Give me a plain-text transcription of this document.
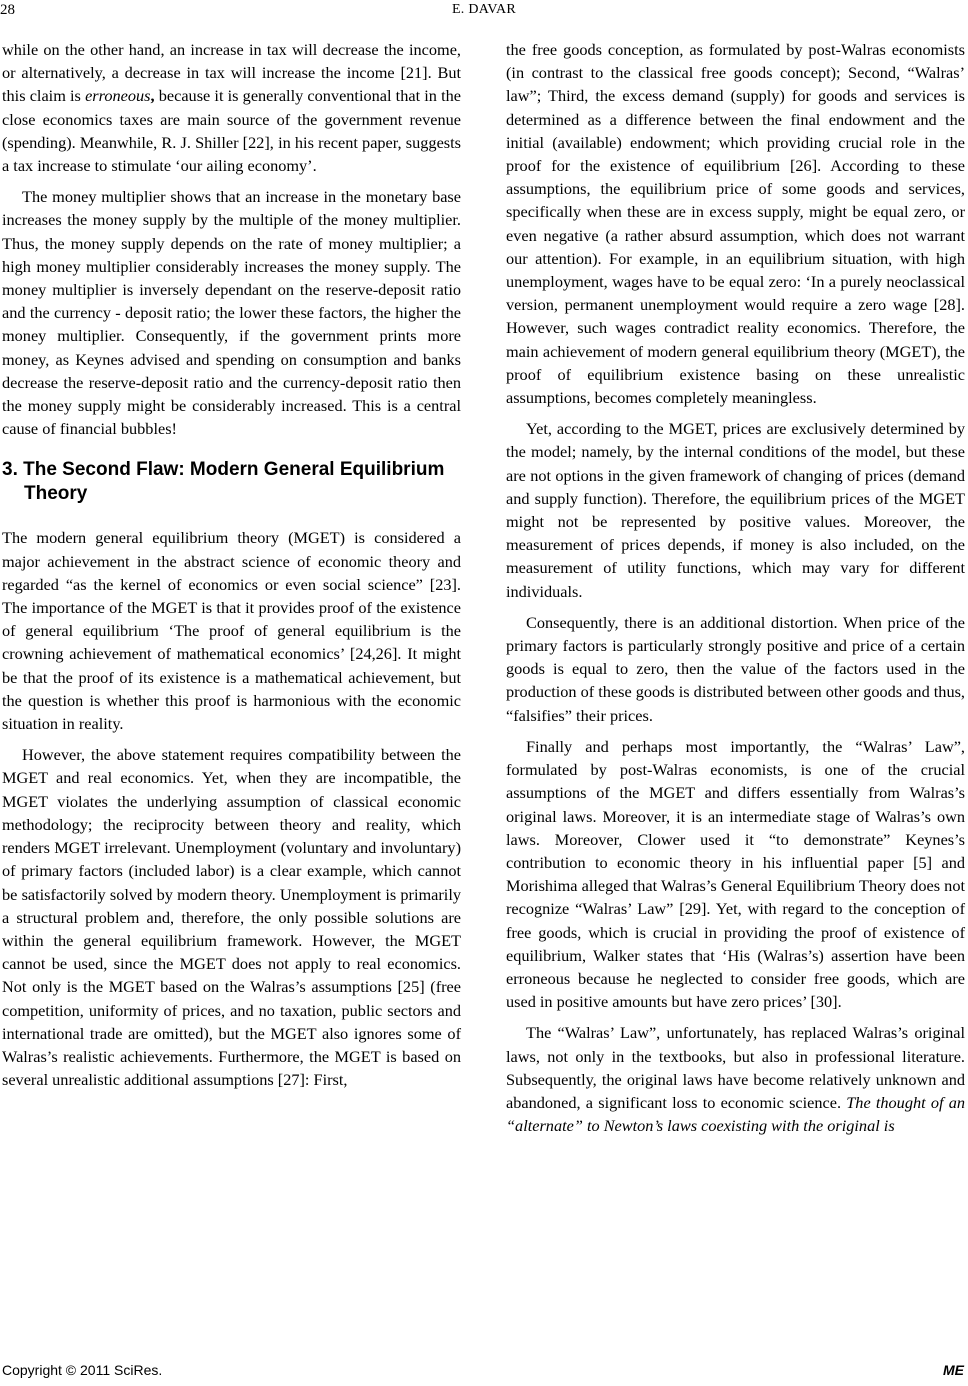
28	E. DAVAR

while on the other hand, an increase in tax will decrease the income, or alternatively, a decrease in tax will increase the income [21]. But this claim is erroneous, because it is generally conventional that in the close economics taxes are main source of the government revenue (spending). Meanwhile, R. J. Shiller [22], in his recent paper, suggests a tax increase to stimulate ‘our ailing economy’.

The money multiplier shows that an increase in the monetary base increases the money supply by the multiple of the money multiplier. Thus, the money supply depends on the rate of money multiplier; a high money multiplier considerably increases the money supply. The money multiplier is inversely dependant on the reserve-deposit ratio and the currency - deposit ratio; the lower these factors, the higher the money multiplier. Consequently, if the government prints more money, as Keynes advised and spending on consumption and banks decrease the reserve-deposit ratio and the currency-deposit ratio then the money supply might be considerably increased. This is a central cause of financial bubbles!

3. The Second Flaw: Modern General Equilibrium Theory

The modern general equilibrium theory (MGET) is considered a major achievement in the abstract science of economic theory and regarded “as the kernel of economics or even social science” [23]. The importance of the MGET is that it provides proof of the existence of general equilibrium ‘The proof of general equilibrium is the crowning achievement of mathematical economics’ [24,26]. It might be that the proof of its existence is a mathematical achievement, but the question is whether this proof is harmonious with the economic situation in reality.

However, the above statement requires compatibility between the MGET and real economics. Yet, when they are incompatible, the MGET violates the underlying assumption of classical economic methodology; the reciprocity between theory and reality, which renders MGET irrelevant. Unemployment (voluntary and involuntary) of primary factors (included labor) is a clear example, which cannot be satisfactorily solved by modern theory. Unemployment is primarily a structural problem and, therefore, the only possible solutions are within the general equilibrium framework. However, the MGET cannot be used, since the MGET does not apply to real economics. Not only is the MGET based on the Walras’s assumptions [25] (free competition, uniformity of prices, and no taxation, public sectors and international trade are omitted), but the MGET also ignores some of Walras’s realistic achievements. Furthermore, the MGET is based on several unrealistic additional assumptions [27]: First,

the free goods conception, as formulated by post-Walras economists (in contrast to the classical free goods concept); Second, “Walras’ law”; Third, the excess demand (supply) for goods and services is determined as a difference between the final endowment and the initial (available) endowment; which providing crucial role in the proof for the existence of equilibrium [26]. According to these assumptions, the equilibrium price of some goods and services, specifically when these are in excess supply, might be equal zero, or even negative (a rather absurd assumption, which does not warrant our attention). For example, in an equilibrium situation, with high unemployment, wages have to be equal zero: ‘In a purely neoclassical version, permanent unemployment would require a zero wage [28]. However, such wages contradict reality economics. Therefore, the main achievement of modern general equilibrium theory (MGET), the proof of equilibrium existence basing on these unrealistic assumptions, becomes completely meaningless.

Yet, according to the MGET, prices are exclusively determined by the model; namely, by the internal conditions of the model, but these are not options in the given framework of changing of prices (demand and supply function). Therefore, the equilibrium prices of the MGET might not be represented by positive values. Moreover, the measurement of prices depends, if money is also included, on the measurement of utility functions, which may vary for different individuals.

Consequently, there is an additional distortion. When price of the primary factors is particularly strongly positive and price of a certain goods is equal to zero, then the value of the factors used in the production of these goods is distributed between other goods and thus, “falsifies” their prices.

Finally and perhaps most importantly, the “Walras’ Law”, formulated by post-Walras economists, is one of the crucial assumptions of the MGET and differs essentially from Walras’s original laws. Moreover, it is an intermediate stage of Walras’s own laws. Moreover, Clower used it “to demonstrate” Keynes’s contribution to economic theory in his influential paper [5] and Morishima alleged that Walras’s General Equilibrium Theory does not recognize “Walras’ Law” [29]. Yet, with regard to the conception of free goods, which is crucial in providing the proof of existence of equilibrium, Walker states that ‘His (Walras’s) assertion have been erroneous because he neglected to consider free goods, which are used in positive amounts but have zero prices’ [30].

The “Walras’ Law”, unfortunately, has replaced Walras’s original laws, not only in the textbooks, but also in professional literature. Subsequently, the original laws have become relatively unknown and abandoned, a significant loss to economic science. The thought of an “alternate” to Newton’s laws coexisting with the original is

Copyright © 2011 SciRes.	ME
